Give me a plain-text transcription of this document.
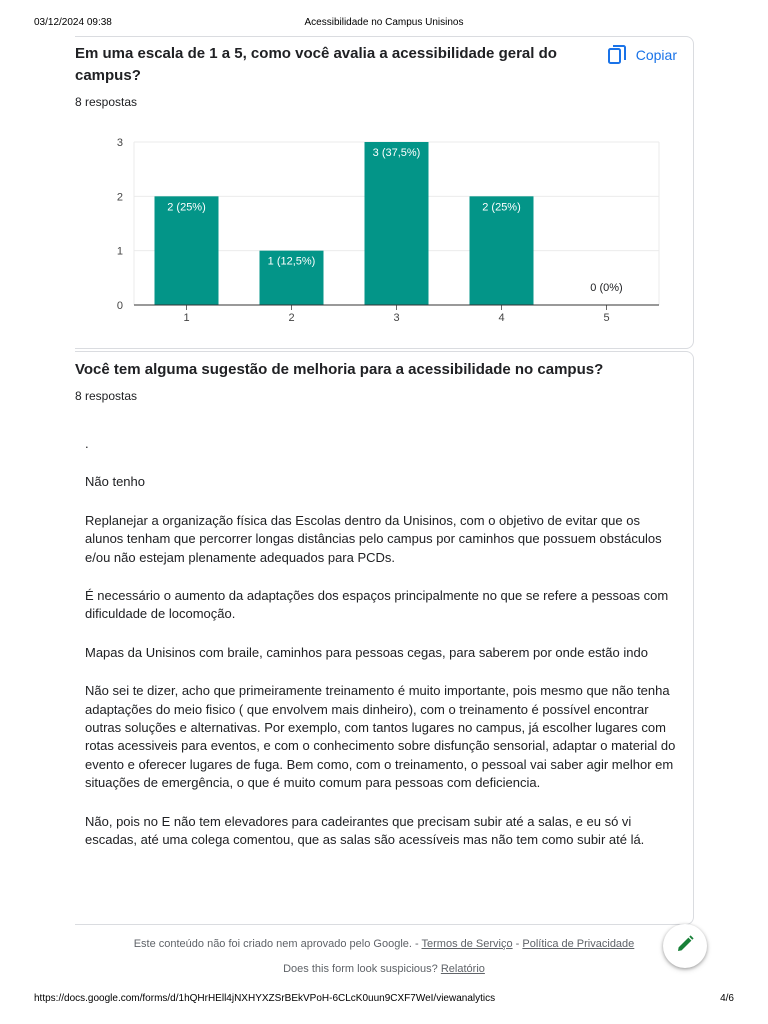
03/12/2024 09:38	Acessibilidade no Campus Unisinos
Em uma escala de 1 a 5, como você avalia a acessibilidade geral do campus?
8 respostas
Copiar
0
1
2
3
2 (25%)
1
1 (12,5%)
2
3 (37,5%)
3
2 (25%)
4
0 (0%)
5
Você tem alguma sugestão de melhoria para a acessibilidade no campus?
8 respostas
.
Não tenho
Replanejar a organização física das Escolas dentro da Unisinos, com o objetivo de evitar que os alunos tenham que percorrer longas distâncias pelo campus por caminhos que possuem obstáculos e/ou não estejam plenamente adequados para PCDs.
É necessário o aumento da adaptações dos espaços principalmente no que se refere a pessoas com dificuldade de locomoção.
Mapas da Unisinos com braile, caminhos para pessoas cegas, para saberem por onde estão indo
Não sei te dizer, acho que primeiramente treinamento é muito importante, pois mesmo que não tenha adaptações do meio fisico ( que envolvem mais dinheiro), com o treinamento é possível encontrar outras soluções e alternativas. Por exemplo, com tantos lugares no campus, já escolher lugares com rotas acessiveis para eventos, e com o conhecimento sobre disfunção sensorial, adaptar o material do evento e oferecer lugares de fuga. Bem como, com o treinamento, o pessoal vai saber agir melhor em situações de emergência, o que é muito comum para pessoas com deficiencia.
Não, pois no E não tem elevadores para cadeirantes que precisam subir até a salas, e eu só vi escadas, até uma colega comentou, que as salas são acessíveis mas não tem como subir até lá.
Este conteúdo não foi criado nem aprovado pelo Google. - Termos de Serviço - Política de Privacidade
Does this form look suspicious? Relatório
https://docs.google.com/forms/d/1hQHrHEll4jNXHYXZSrBEkVPoH-6CLcK0uun9CXF7WeI/viewanalytics	4/6
